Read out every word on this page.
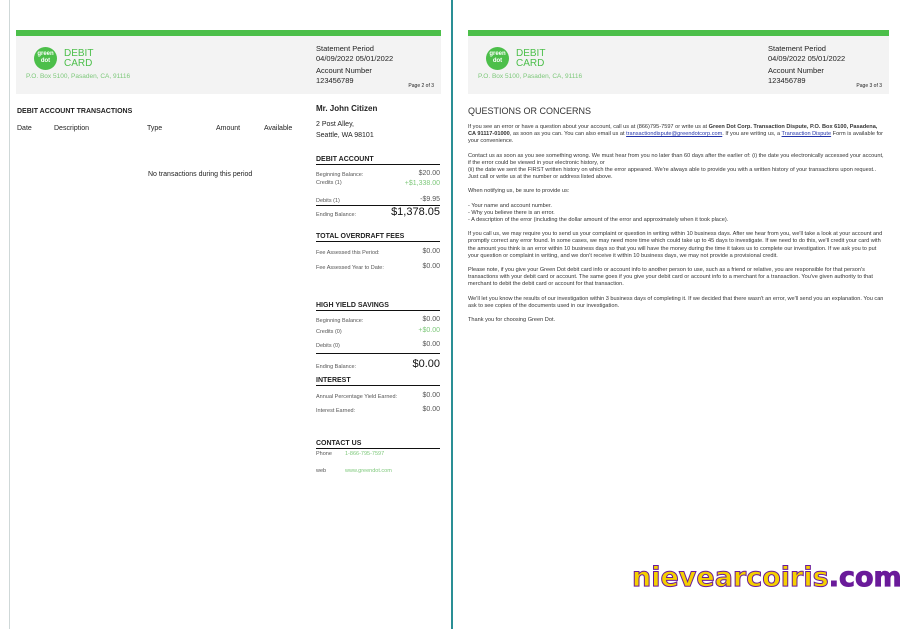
green
dot
DEBIT
CARD
P.O. Box 5100, Pasaden, CA, 91116
Statement Period
04/09/2022 05/01/2022
Account Number
123456789
Page 2 of 3
DEBIT ACCOUNT TRANSACTIONS
Date	Description	Type	Amount	Available
No transactions during this period
Mr. John Citizen
2 Post Alley,
Seattle, WA 98101
DEBIT ACCOUNT
Beginning Balance:	$20.00
Credits (1)	+$1,338.00
Debits (1)	-$9.95
Ending Balance:	$1,378.05
TOTAL OVERDRAFT FEES
Fee Assessed this Period:	$0.00
Fee Assessed Year to Date:	$0.00
HIGH YIELD SAVINGS
Beginning Balance:	$0.00
Credits (0)	+$0.00
Debits (0)	$0.00
Ending Balance:	$0.00
INTEREST
Annual Percentage Yield Earned:	$0.00
Interest Earned:	$0.00
CONTACT US
Phone 1-866-795-7597
web	www.greendot.com
green
dot
DEBIT
CARD
P.O. Box 5100, Pasaden, CA, 91116
Statement Period
04/09/2022 05/01/2022
Account Number
123456789
Page 3 of 3
QUESTIONS OR CONCERNS

If you see an error or have a question about your account, call us at (866)795-7597 or write us at Green Dot Corp. Transaction Dispute, P.O. Box 6100, Pasadena, CA 91117-01000, as soon as you can. You can also email us at transactiondispute@greendotcorp.com. If you are writing us, a Transaction Dispute Form is available for your convenience.

Contact us as soon as you see something wrong. We must hear from you no later than 60 days after the earlier of: (i) the date you electronically accessed your account, if the error could be viewed in your electronic history, or
(ii) the date we sent the FIRST written history on which the error appeared. We're always able to provide you with a written history of your transactions upon request.. Just call or write us at the number or address listed above.

When notifying us, be sure to provide us:

- Your name and account number.
- Why you believe there is an error.
- A description of the error (including the dollar amount of the error and approximately when it took place).

If you call us, we may require you to send us your complaint or question in writing within 10 business days. After we hear from you, we'll take a look at your account and promptly correct any error found. In some cases, we may need more time which could take up to 45 days to investigate. If we need to do this, we'll credit your card with the amount you think is an error within 10 business days so that you will have the money during the time it takes us to complete our investigation. If we ask you to put your question or complaint in writing, and we don't receive it within 10 business days, we may not provide a provisional credit.

Please note, if you give your Green Dot debit card info or account info to another person to use, such as a friend or relative, you are responsible for that person's transactions with your debit card or account. The same goes if you give your debit card or account info to a merchant for a transaction. You've given authority to that merchant to debit the debit card or account for that transaction.

We'll let you know the results of our investigation within 3 business days of completing it. If we decided that there wasn't an error, we'll send you an explanation. You can ask to see copies of the documents used in our investigation.

Thank you for choosing Green Dot.

nievearcoiris.com
